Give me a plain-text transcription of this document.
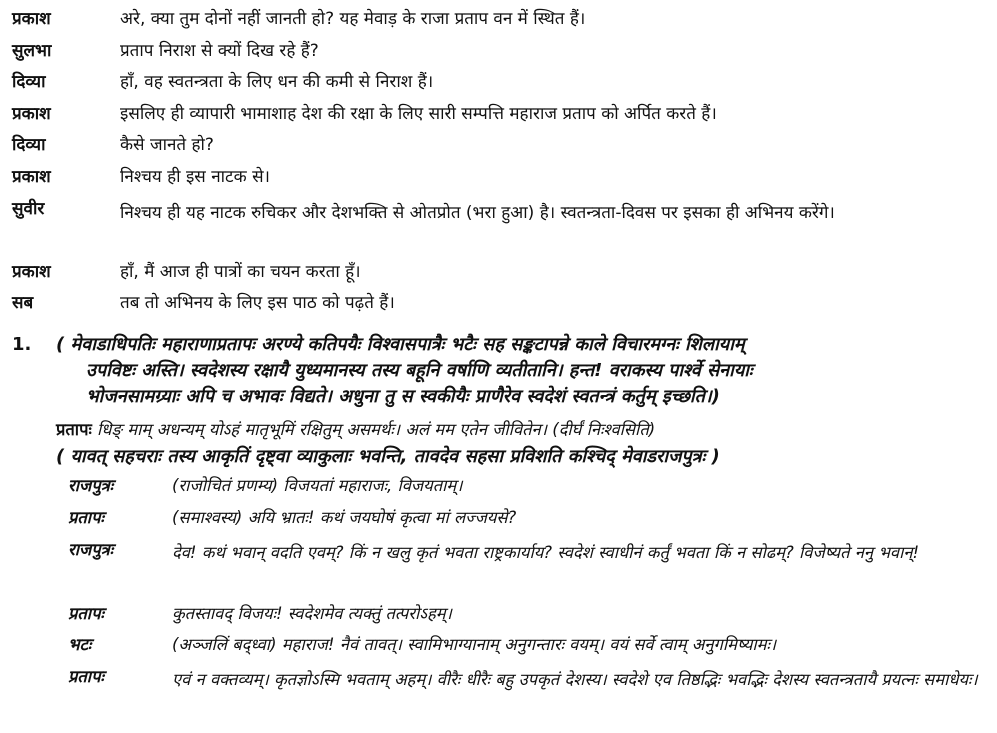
प्रकाश	अरे, क्या तुम दोनों नहीं जानती हो? यह मेवाड़ के राजा प्रताप वन में स्थित हैं।
सुलभा	प्रताप निराश से क्यों दिख रहे हैं?
दिव्या	हाँ, वह स्वतन्त्रता के लिए धन की कमी से निराश हैं।
प्रकाश	इसलिए ही व्यापारी भामाशाह देश की रक्षा के लिए सारी सम्पत्ति महाराज प्रताप को अर्पित करते हैं।
दिव्या	कैसे जानते हो?
प्रकाश	निश्चय ही इस नाटक से।
सुवीर	निश्चय ही यह नाटक रुचिकर और देशभक्ति से ओतप्रोत (भरा हुआ) है। स्वतन्त्रता-दिवस पर इसका ही अभिनय करेंगे।
प्रकाश	हाँ, मैं आज ही पात्रों का चयन करता हूँ।
सब	तब तो अभिनय के लिए इस पाठ को पढ़ते हैं।
1. ( मेवाडाधिपतिः महाराणाप्रतापः अरण्ये कतिपयैः विश्वासपात्रैः भटैः सह सङ्कटापन्ने काले विचारमग्नः शिलायाम्
उपविष्टः अस्ति। स्वदेशस्य रक्षायै युध्यमानस्य तस्य बहूनि वर्षाणि व्यतीतानि। हन्त! वराकस्य पार्श्वे सेनायाः
भोजनसामग्र्याः अपि च अभावः विद्यते। अधुना तु स स्वकीयैः प्राणैरेव स्वदेशं स्वतन्त्रं कर्तुम् इच्छति।)
प्रतापः धिङ् माम् अधन्यम् योऽहं मातृभूमिं रक्षितुम् असमर्थः। अलं मम एतेन जीवितेन। (दीर्घं निःश्वसिति)
( यावत् सहचराः तस्य आकृतिं दृष्ट्वा व्याकुलाः भवन्ति, तावदेव सहसा प्रविशति कश्चिद् मेवाडराजपुत्रः )
राजपुत्रः	(राजोचितं प्रणम्य) विजयतां महाराजः, विजयताम्।
प्रतापः	(समाश्वस्य) अयि भ्रातः! कथं जयघोषं कृत्वा मां लज्जयसे?
राजपुत्रः	देव! कथं भवान् वदति एवम्? किं न खलु कृतं भवता राष्ट्रकार्याय? स्वदेशं स्वाधीनं कर्तुं भवता किं न सोढम्? विजेष्यते ननु भवान्!
प्रतापः	कुतस्तावद् विजयः! स्वदेशमेव त्यक्तुं तत्परोऽहम्।
भटः	(अञ्जलिं बद्ध्वा) महाराज! नैवं तावत्। स्वामिभाग्यानाम् अनुगन्तारः वयम्। वयं सर्वे त्वाम् अनुगमिष्यामः।
प्रतापः	एवं न वक्तव्यम्। कृतज्ञोऽस्मि भवताम् अहम्। वीरैः धीरैः बहु उपकृतं देशस्य। स्वदेशे एव तिष्ठद्भिः भवद्भिः देशस्य स्वतन्त्रतायै प्रयत्नः समाधेयः।
